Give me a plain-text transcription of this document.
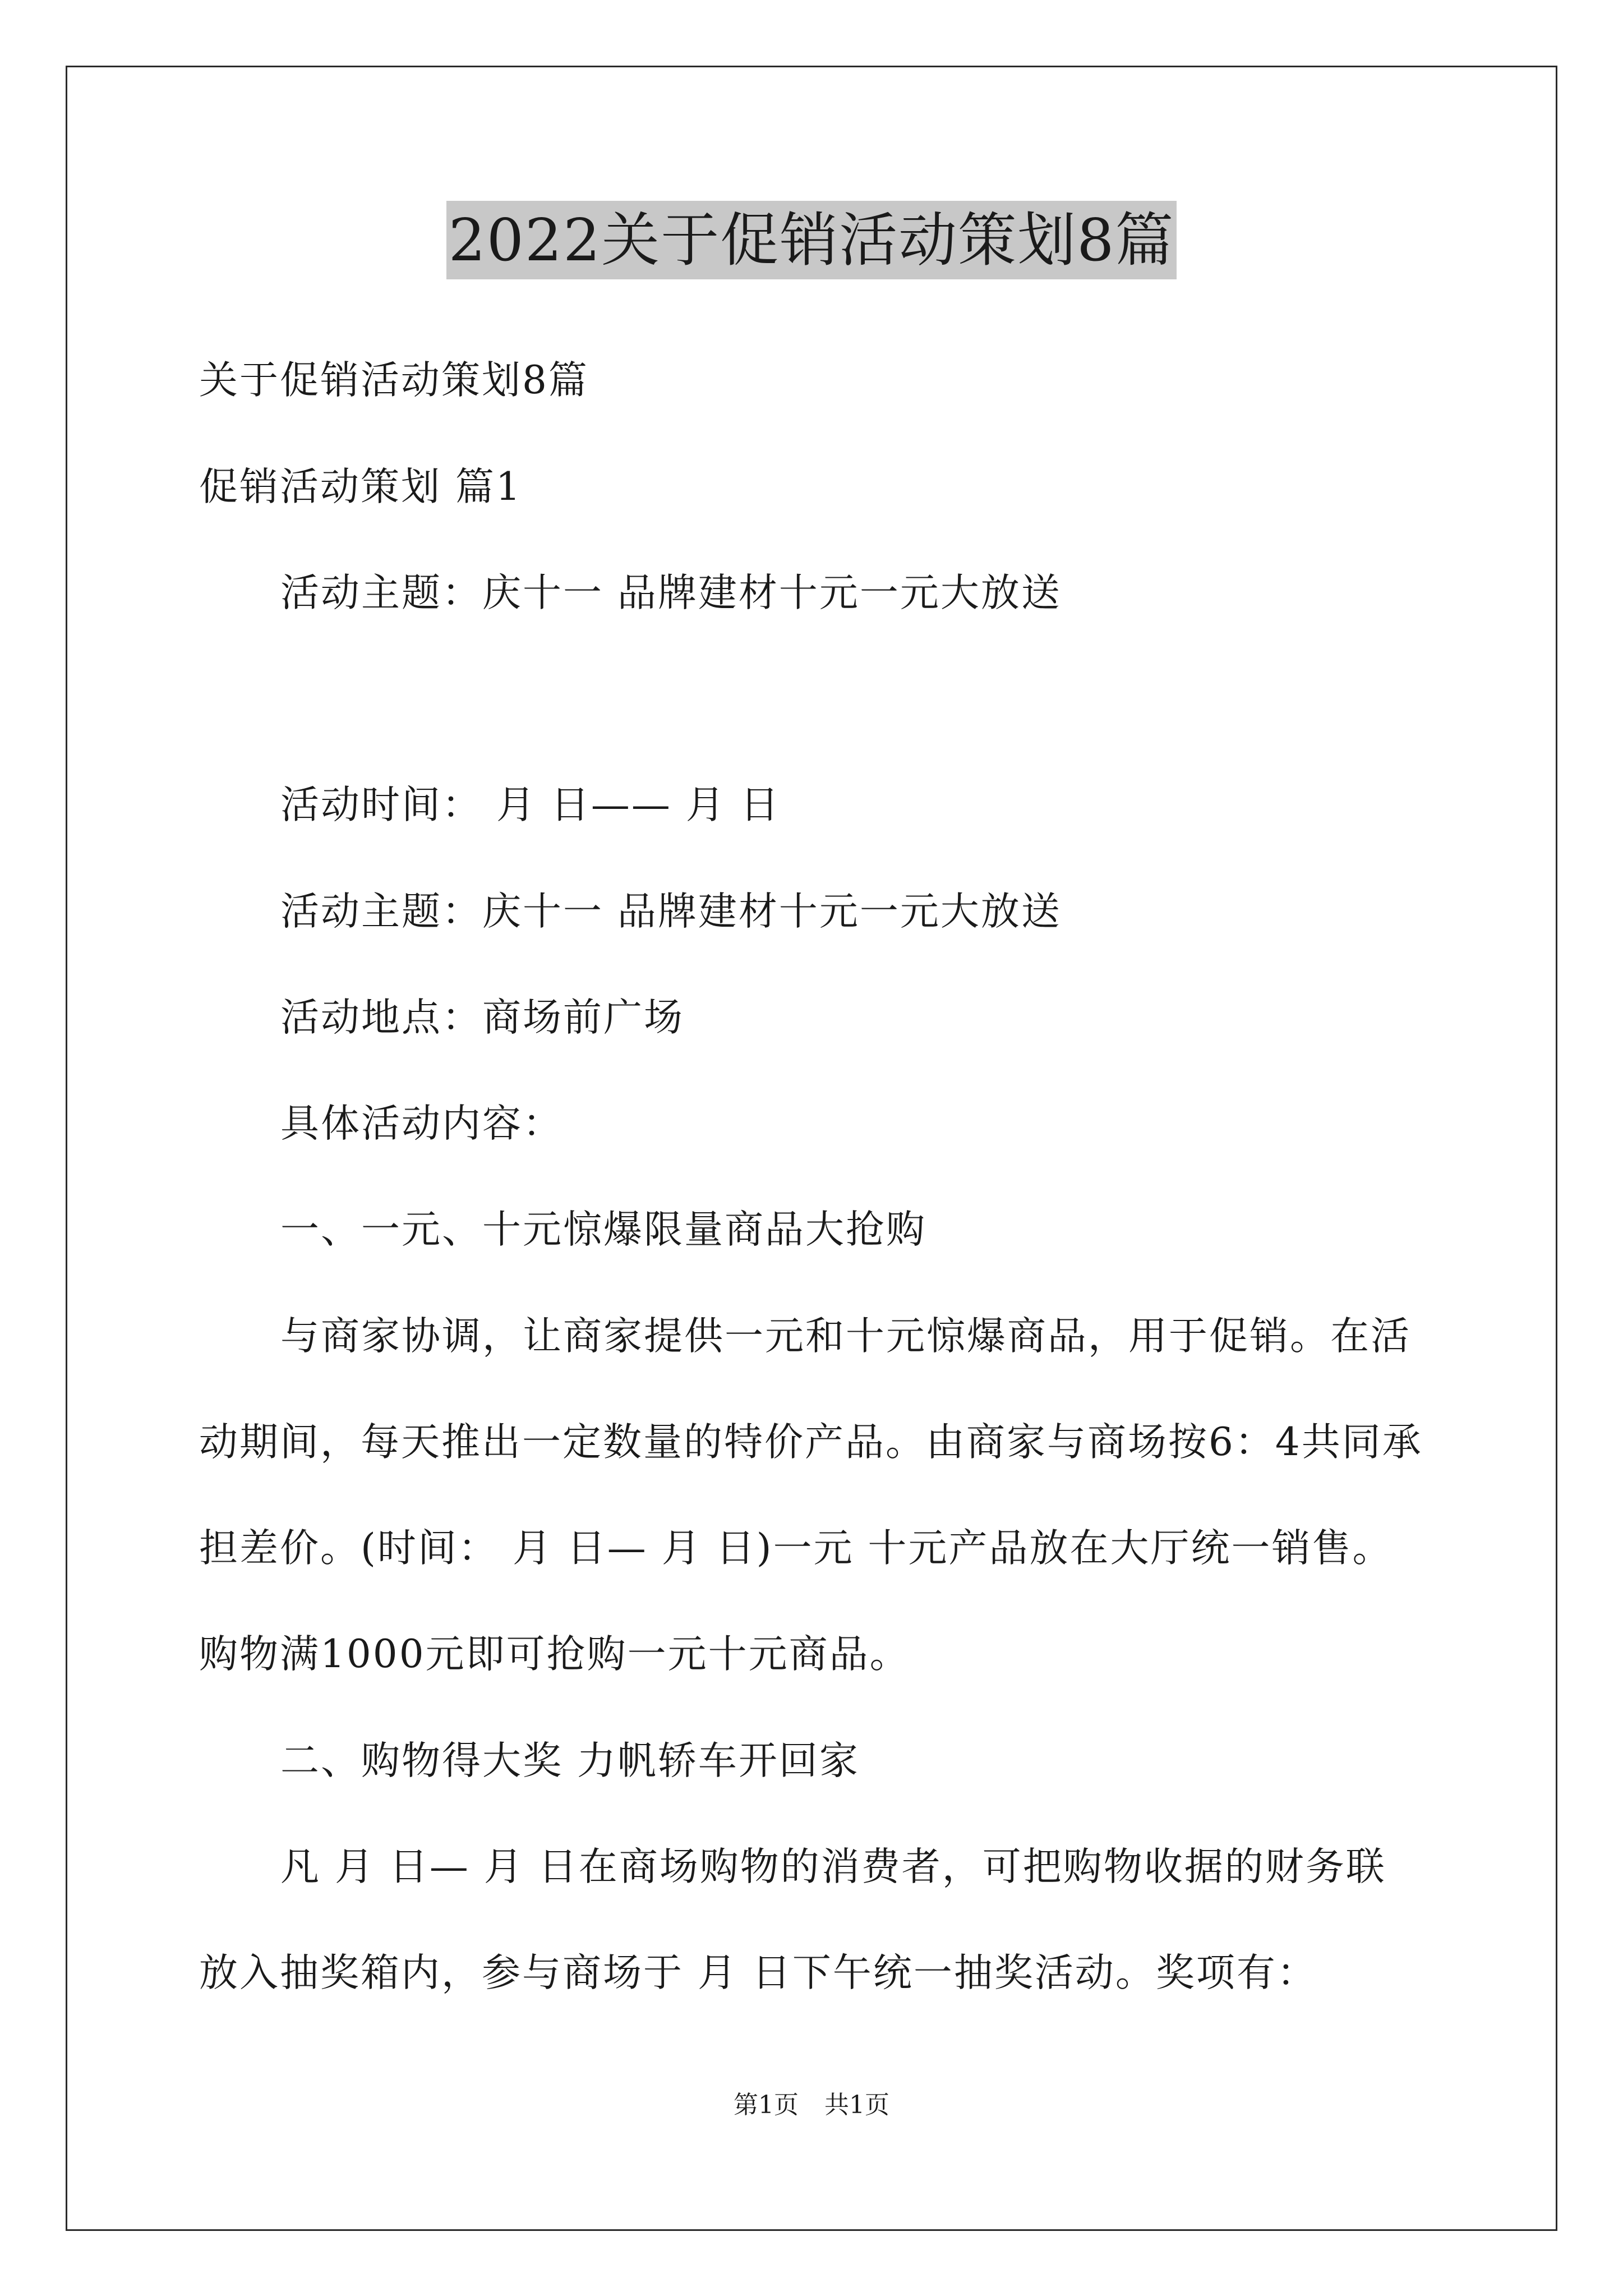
2022关于促销活动策划8篇
关于促销活动策划8篇
促销活动策划 篇1
活动主题：庆十一 品牌建材十元一元大放送
活动时间： 月 日—— 月 日
活动主题：庆十一 品牌建材十元一元大放送
活动地点：商场前广场
具体活动内容：
一、一元、十元惊爆限量商品大抢购
与商家协调，让商家提供一元和十元惊爆商品，用于促销。在活
动期间，每天推出一定数量的特价产品。由商家与商场按6：4共同承
担差价。(时间： 月 日— 月 日)一元 十元产品放在大厅统一销售。
购物满1000元即可抢购一元十元商品。
二、购物得大奖 力帆轿车开回家
凡 月 日— 月 日在商场购物的消费者，可把购物收据的财务联
放入抽奖箱内，参与商场于 月 日下午统一抽奖活动。奖项有：
第1页 共1页
